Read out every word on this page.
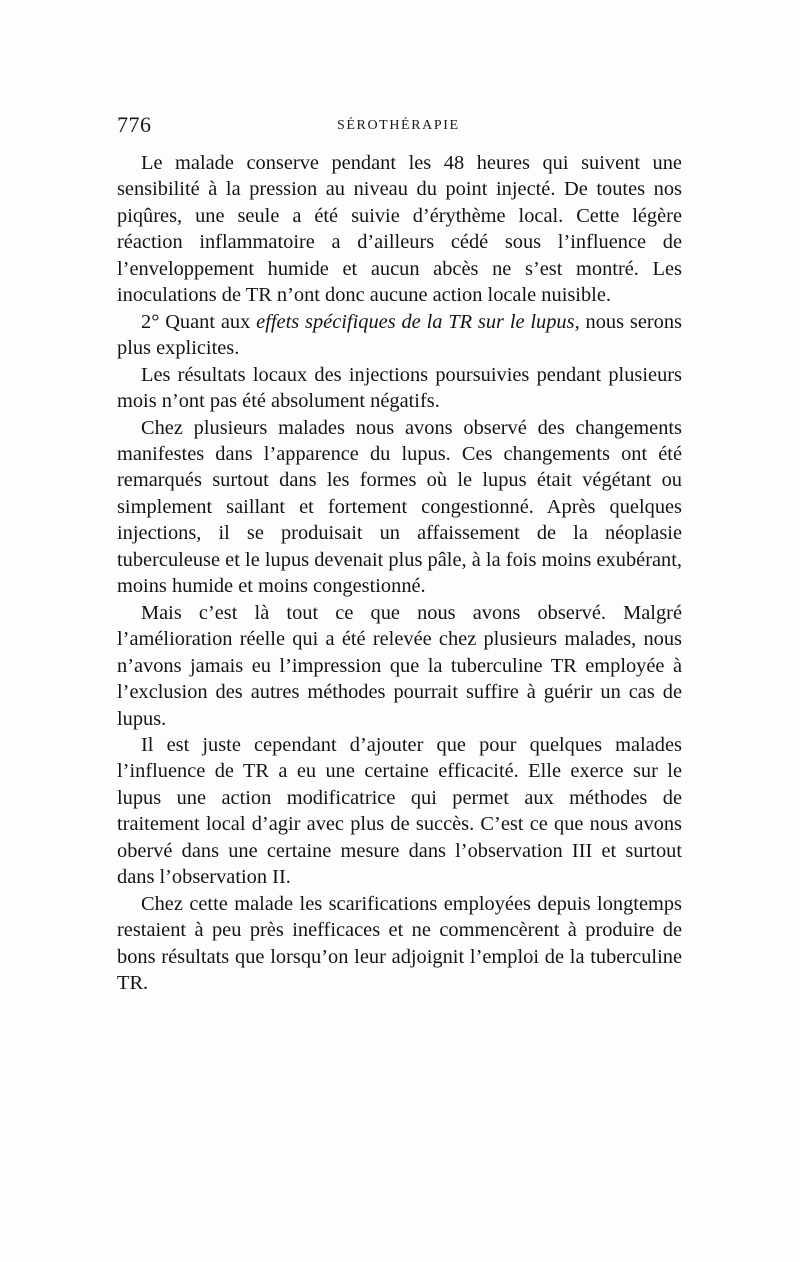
776	SÉROTHÉRAPIE

Le malade conserve pendant les 48 heures qui suivent une sensibilité à la pression au niveau du point injecté. De toutes nos piqûres, une seule a été suivie d’érythème local. Cette légère réaction inflammatoire a d’ailleurs cédé sous l’influence de l’enveloppement humide et aucun abcès ne s’est montré. Les inoculations de TR n’ont donc aucune action locale nuisible.

2° Quant aux effets spécifiques de la TR sur le lupus, nous serons plus explicites.

Les résultats locaux des injections poursuivies pendant plusieurs mois n’ont pas été absolument négatifs.

Chez plusieurs malades nous avons observé des changements manifestes dans l’apparence du lupus. Ces changements ont été remarqués surtout dans les formes où le lupus était végétant ou simplement saillant et fortement congestionné. Après quelques injections, il se produisait un affaissement de la néoplasie tuberculeuse et le lupus devenait plus pâle, à la fois moins exubérant, moins humide et moins congestionné.

Mais c’est là tout ce que nous avons observé. Malgré l’amélioration réelle qui a été relevée chez plusieurs malades, nous n’avons jamais eu l’impression que la tuberculine TR employée à l’exclusion des autres méthodes pourrait suffire à guérir un cas de lupus.

Il est juste cependant d’ajouter que pour quelques malades l’influence de TR a eu une certaine efficacité. Elle exerce sur le lupus une action modificatrice qui permet aux méthodes de traitement local d’agir avec plus de succès. C’est ce que nous avons obervé dans une certaine mesure dans l’observation III et surtout dans l’observation II.

Chez cette malade les scarifications employées depuis longtemps restaient à peu près inefficaces et ne commencèrent à produire de bons résultats que lorsqu’on leur adjoignit l’emploi de la tuberculine TR.
